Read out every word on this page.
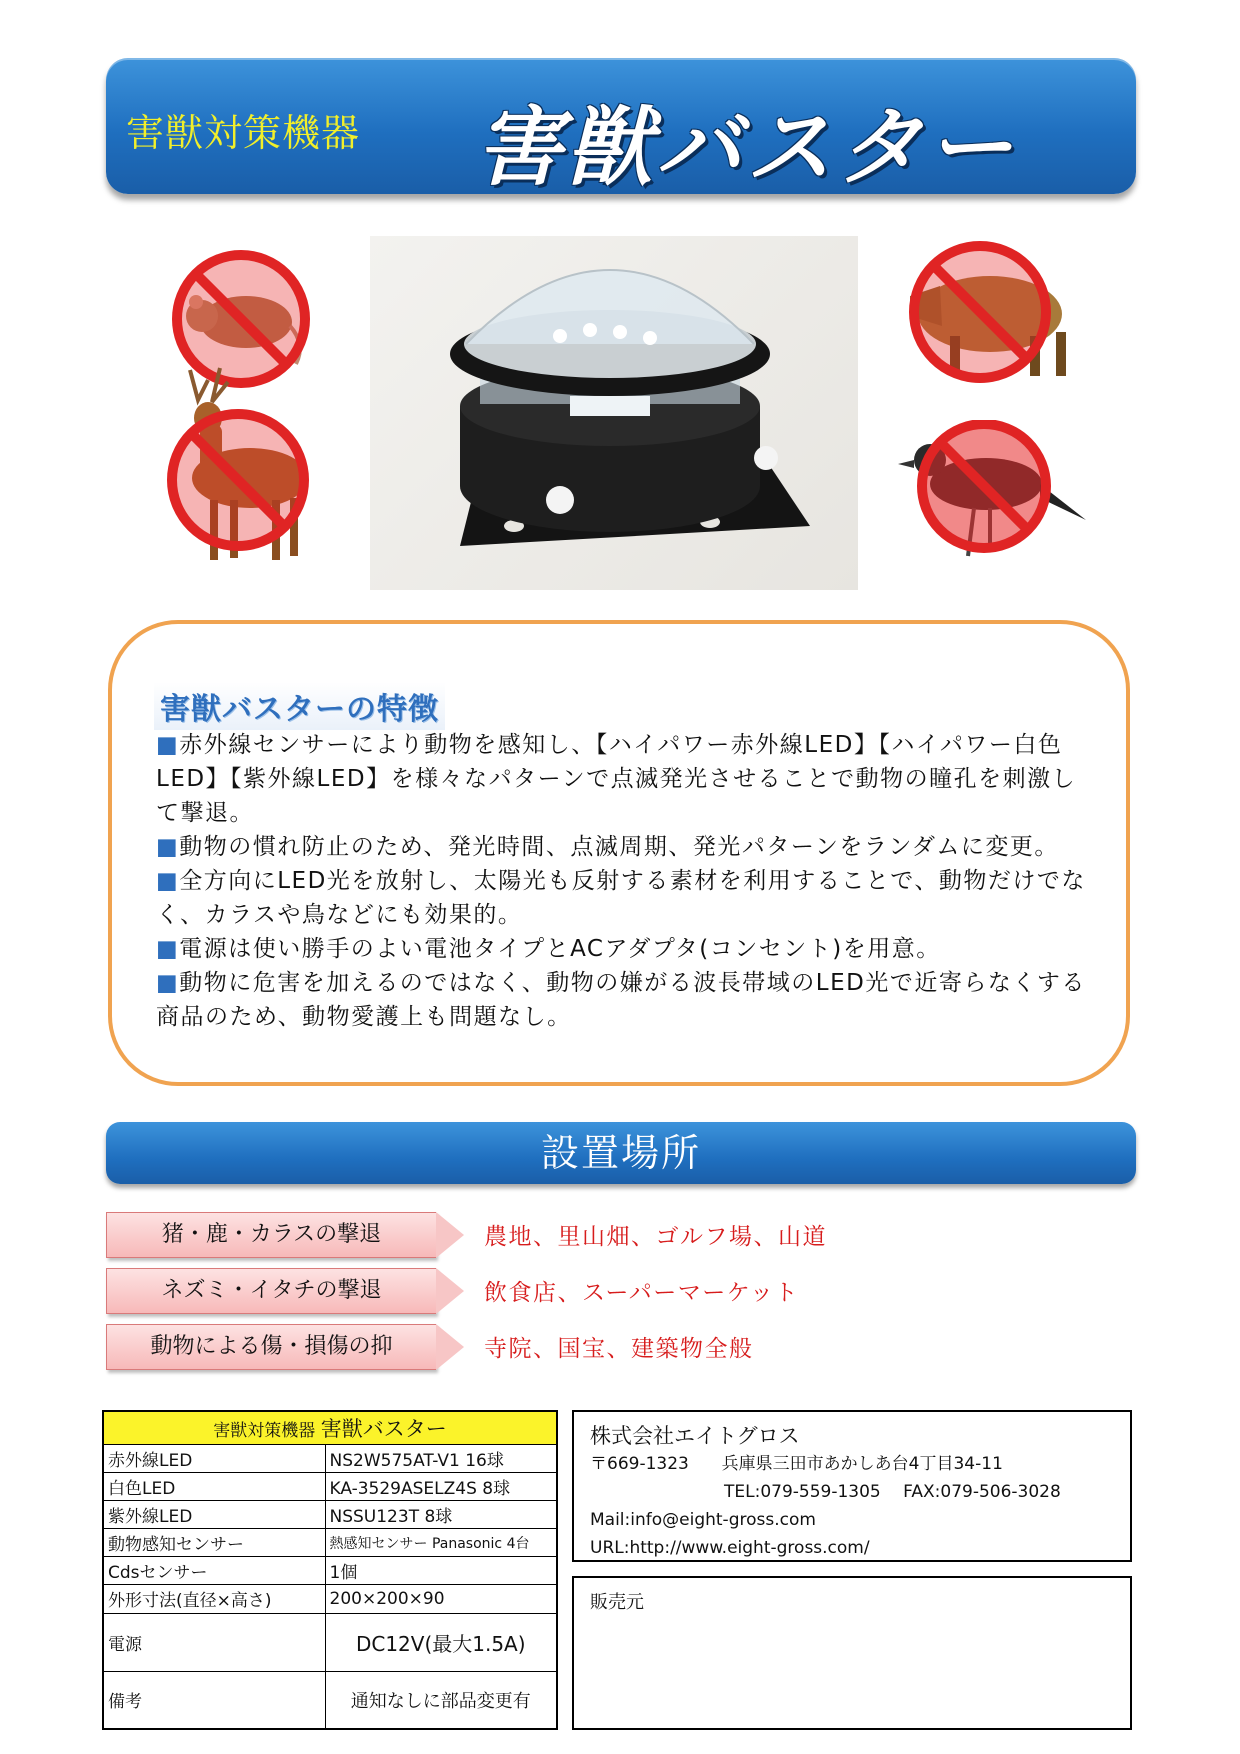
害獣対策機器 害獣バスター
害獣バスターの特徴

■赤外線センサーにより動物を感知し、【ハイパワー赤外線LED】【ハイパワー白色LED】【紫外線LED】を様々なパターンで点滅発光させることで動物の瞳孔を刺激して撃退。

■動物の慣れ防止のため、発光時間、点滅周期、発光パターンをランダムに変更。

■全方向にLED光を放射し、太陽光も反射する素材を利用することで、動物だけでなく、カラスや鳥などにも効果的。

■電源は使い勝手のよい電池タイプとACアダプタ(コンセント)を用意。

■動物に危害を加えるのではなく、動物の嫌がる波長帯域のLED光で近寄らなくする商品のため、動物愛護上も問題なし。

設置場所
猪・鹿・カラスの撃退	農地、里山畑、ゴルフ場、山道
ネズミ・イタチの撃退	飲食店、スーパーマーケット
動物による傷・損傷の抑	寺院、国宝、建築物全般
害獣対策機器 害獣バスター	
赤外線LED	NS2W575AT-V1 16球
白色LED	KA-3529ASELZ4S 8球
紫外線LED	NSSU123T 8球
動物感知センサー	熱感知センサー Panasonic 4台
Cdsセンサー	1個
外形寸法(直径×高さ)	200×200×90
電源	DC12V(最大1.5A)
備考	通知なしに部品変更有
株式会社エイトグロス
〒669-1323 兵庫県三田市あかしあ台4丁目34-11
TEL:079-559-1305　 FAX:079-506-3028
Mail:info@eight-gross.com
URL:http://www.eight-gross.com/
販売元
